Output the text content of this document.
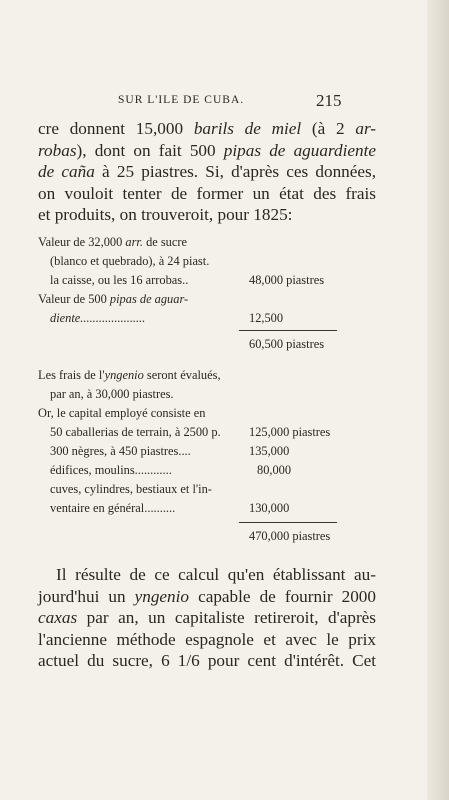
SUR L'ILE DE CUBA.	215
cre donnent 15,000 barils de miel (à 2 ar-
robas), dont on fait 500 pipas de aguardiente
de caña à 25 piastres. Si, d'après ces données,
on vouloit tenter de former un état des frais
et produits, on trouveroit, pour 1825:
Valeur de 32,000 arr. de sucre
(blanco et quebrado), à 24 piast.
la caisse, ou les 16 arrobas..	48,000 piastres
Valeur de 500 pipas de aguar-
diente.....................	12,500
60,500 piastres
Les frais de l'yngenio seront évalués,
par an, à 30,000 piastres.
Or, le capital employé consiste en
50 caballerias de terrain, à 2500 p. 125,000 piastres
300 nègres, à 450 piastres....	135,000
édifices, moulins............	80,000
cuves, cylindres, bestiaux et l'in-
ventaire en général..........	130,000
470,000 piastres
Il résulte de ce calcul qu'en établissant au-
jourd'hui un yngenio capable de fournir 2000
caxas par an, un capitaliste retireroit, d'après
l'ancienne méthode espagnole et avec le prix
actuel du sucre, 6 1/6 pour cent d'intérêt. Cet
